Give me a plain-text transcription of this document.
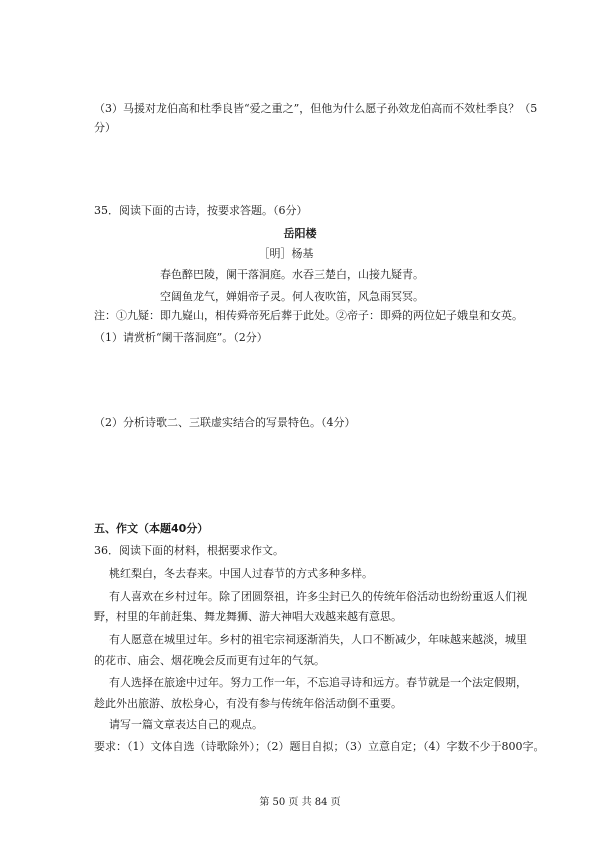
（3）马援对龙伯高和杜季良皆“爱之重之”，但他为什么愿子孙效龙伯高而不效杜季良？（5
分）
35．阅读下面的古诗，按要求答题。（6分）
岳阳楼
［明］杨基
春色醉巴陵，阑干落洞庭。水吞三楚白，山接九疑青。
空阔鱼龙气，婵娟帝子灵。何人夜吹笛，风急雨冥冥。
注：①九疑：即九嶷山，相传舜帝死后葬于此处。②帝子：即舜的两位妃子娥皇和女英。
（1）请赏析“阑干落洞庭”。（2分）
（2）分析诗歌二、三联虚实结合的写景特色。（4分）
五、作文（本题40分）
36．阅读下面的材料，根据要求作文。
桃红梨白，冬去春来。中国人过春节的方式多种多样。
有人喜欢在乡村过年。除了团圆祭祖，许多尘封已久的传统年俗活动也纷纷重返人们视
野，村里的年前赶集、舞龙舞狮、游大神唱大戏越来越有意思。
有人愿意在城里过年。乡村的祖宅宗祠逐渐消失，人口不断减少，年味越来越淡，城里
的花市、庙会、烟花晚会反而更有过年的气氛。
有人选择在旅途中过年。努力工作一年，不忘追寻诗和远方。春节就是一个法定假期，
趁此外出旅游、放松身心，有没有参与传统年俗活动倒不重要。
请写一篇文章表达自己的观点。
要求：（1）文体自选（诗歌除外）；（2）题目自拟；（3）立意自定；（4）字数不少于800字。
第 50 页 共 84 页
